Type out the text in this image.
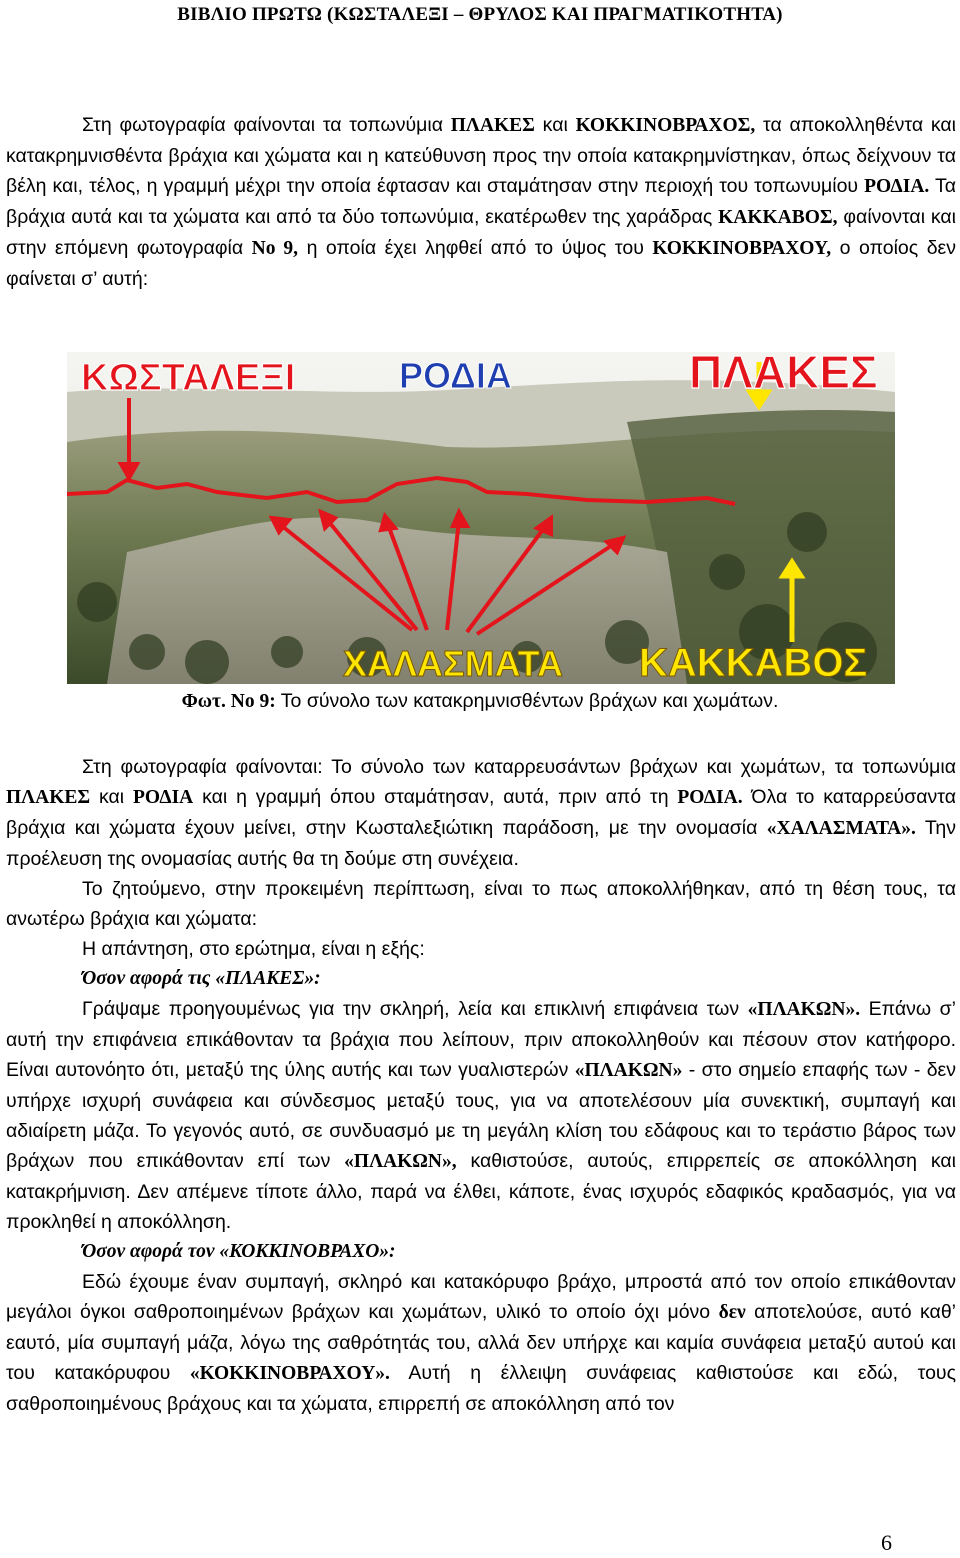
ΒΙΒΛΙΟ ΠΡΩΤΩ (ΚΩΣΤΑΛΕΞΙ – ΘΡΥΛΟΣ ΚΑΙ ΠΡΑΓΜΑΤΙΚΟΤΗΤΑ)

Στη φωτογραφία φαίνονται τα τοπωνύμια ΠΛΑΚΕΣ και ΚΟΚΚΙΝΟΒΡΑΧΟΣ, τα αποκολληθέντα και κατακρημνισθέντα βράχια και χώματα και η κατεύθυνση προς την οποία κατακρημνίστηκαν, όπως δείχνουν τα βέλη και, τέλος, η γραμμή μέχρι την οποία έφτασαν και σταμάτησαν στην περιοχή του τοπωνυμίου ΡΟΔΙΑ. Τα βράχια αυτά και τα χώματα και από τα δύο τοπωνύμια, εκατέρωθεν της χαράδρας ΚΑΚΚΑΒΟΣ, φαίνονται και στην επόμενη φωτογραφία Νο 9, η οποία έχει ληφθεί από το ύψος του ΚΟΚΚΙΝΟΒΡΑΧΟΥ, ο οποίος δεν φαίνεται σ’ αυτή:

ΚΩΣΤΑΛΕΞΙ	ΡΟΔΙΑ	ΠΛΑΚΕΣ
ΧΑΛΑΣΜΑΤΑ ΚΑΚΚΑΒΟΣ
Φωτ. Νο 9: Το σύνολο των κατακρημνισθέντων βράχων και χωμάτων.

Στη φωτογραφία φαίνονται: Το σύνολο των καταρρευσάντων βράχων και χωμάτων, τα τοπωνύμια ΠΛΑΚΕΣ και ΡΟΔΙΑ και η γραμμή όπου σταμάτησαν, αυτά, πριν από τη ΡΟΔΙΑ. Όλα το καταρρεύσαντα βράχια και χώματα έχουν μείνει, στην Κωσταλεξιώτικη παράδοση, με την ονομασία «ΧΑΛΑΣΜΑΤΑ». Την προέλευση της ονομασίας αυτής θα τη δούμε στη συνέχεια.

Το ζητούμενο, στην προκειμένη περίπτωση, είναι το πως αποκολλήθηκαν, από τη θέση τους, τα ανωτέρω βράχια και χώματα:

Η απάντηση, στο ερώτημα, είναι η εξής:

Όσον αφορά τις «ΠΛΑΚΕΣ»:

Γράψαμε προηγουμένως για την σκληρή, λεία και επικλινή επιφάνεια των «ΠΛΑΚΩΝ». Επάνω σ’ αυτή την επιφάνεια επικάθονταν τα βράχια που λείπουν, πριν αποκολληθούν και πέσουν στον κατήφορο. Είναι αυτονόητο ότι, μεταξύ της ύλης αυτής και των γυαλιστερών «ΠΛΑΚΩΝ» - στο σημείο επαφής των - δεν υπήρχε ισχυρή συνάφεια και σύνδεσμος μεταξύ τους, για να αποτελέσουν μία συνεκτική, συμπαγή και αδιαίρετη μάζα. Το γεγονός αυτό, σε συνδυασμό με τη μεγάλη κλίση του εδάφους και το τεράστιο βάρος των βράχων που επικάθονταν επί των «ΠΛΑΚΩΝ», καθιστούσε, αυτούς, επιρρεπείς σε αποκόλληση και κατακρήμνιση. Δεν απέμενε τίποτε άλλο, παρά να έλθει, κάποτε, ένας ισχυρός εδαφικός κραδασμός, για να προκληθεί η αποκόλληση.

Όσον αφορά τον «ΚΟΚΚΙΝΟΒΡΑΧΟ»:

Εδώ έχουμε έναν συμπαγή, σκληρό και κατακόρυφο βράχο, μπροστά από τον οποίο επικάθονταν μεγάλοι όγκοι σαθροποιημένων βράχων και χωμάτων, υλικό το οποίο όχι μόνο δεν αποτελούσε, αυτό καθ’ εαυτό, μία συμπαγή μάζα, λόγω της σαθρότητάς του, αλλά δεν υπήρχε και καμία συνάφεια μεταξύ αυτού και του κατακόρυφου «ΚΟΚΚΙΝΟΒΡΑΧΟΥ». Αυτή η έλλειψη συνάφειας καθιστούσε και εδώ, τους σαθροποιημένους βράχους και τα χώματα, επιρρεπή σε αποκόλληση από τον

6
